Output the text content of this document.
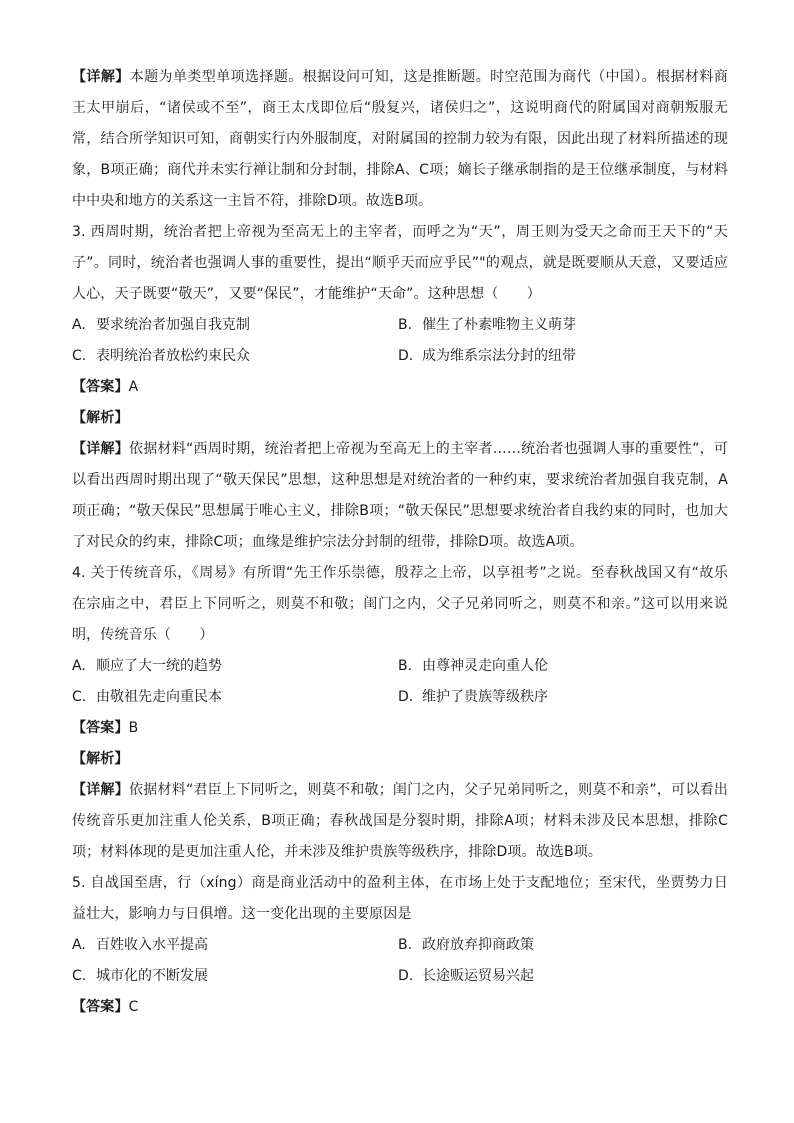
【详解】本题为单类型单项选择题。根据设问可知，这是推断题。时空范围为商代（中国）。根据材料商王太甲崩后，“诸侯或不至”，商王太戊即位后“殷复兴，诸侯归之”，这说明商代的附属国对商朝叛服无常，结合所学知识可知，商朝实行内外服制度，对附属国的控制力较为有限，因此出现了材料所描述的现象，B项正确；商代并未实行禅让制和分封制，排除A、C项；嫡长子继承制指的是王位继承制度，与材料中中央和地方的关系这一主旨不符，排除D项。故选B项。
3. 西周时期，统治者把上帝视为至高无上的主宰者，而呼之为“天”，周王则为受天之命而王天下的“天子”。同时，统治者也强调人事的重要性，提出“顺乎天而应乎民”"的观点，就是既要顺从天意，又要适应人心，天子既要“敬天”，又要“保民”，才能维护“天命”。这种思想（　　）
A. 要求统治者加强自我克制	B. 催生了朴素唯物主义萌芽
C. 表明统治者放松约束民众	D. 成为维系宗法分封的纽带
【答案】A
【解析】
【详解】依据材料“西周时期，统治者把上帝视为至高无上的主宰者……统治者也强调人事的重要性”，可以看出西周时期出现了“敬天保民”思想，这种思想是对统治者的一种约束，要求统治者加强自我克制，A项正确；“敬天保民”思想属于唯心主义，排除B项；“敬天保民”思想要求统治者自我约束的同时，也加大了对民众的约束，排除C项；血缘是维护宗法分封制的纽带，排除D项。故选A项。
4. 关于传统音乐，《周易》有所谓“先王作乐崇德，殷荐之上帝，以享祖考”之说。至春秋战国又有“故乐在宗庙之中，君臣上下同听之，则莫不和敬；闺门之内，父子兄弟同听之，则莫不和亲。”这可以用来说明，传统音乐（　　）
A. 顺应了大一统的趋势	B. 由尊神灵走向重人伦
C. 由敬祖先走向重民本	D. 维护了贵族等级秩序
【答案】B
【解析】
【详解】依据材料“君臣上下同听之，则莫不和敬；闺门之内，父子兄弟同听之，则莫不和亲”，可以看出传统音乐更加注重人伦关系，B项正确；春秋战国是分裂时期，排除A项；材料未涉及民本思想，排除C项；材料体现的是更加注重人伦，并未涉及维护贵族等级秩序，排除D项。故选B项。
5. 自战国至唐，行（xíng）商是商业活动中的盈利主体，在市场上处于支配地位；至宋代，坐贾势力日益壮大，影响力与日俱增。这一变化出现的主要原因是
A. 百姓收入水平提高	B. 政府放弃抑商政策
C. 城市化的不断发展	D. 长途贩运贸易兴起
【答案】C
